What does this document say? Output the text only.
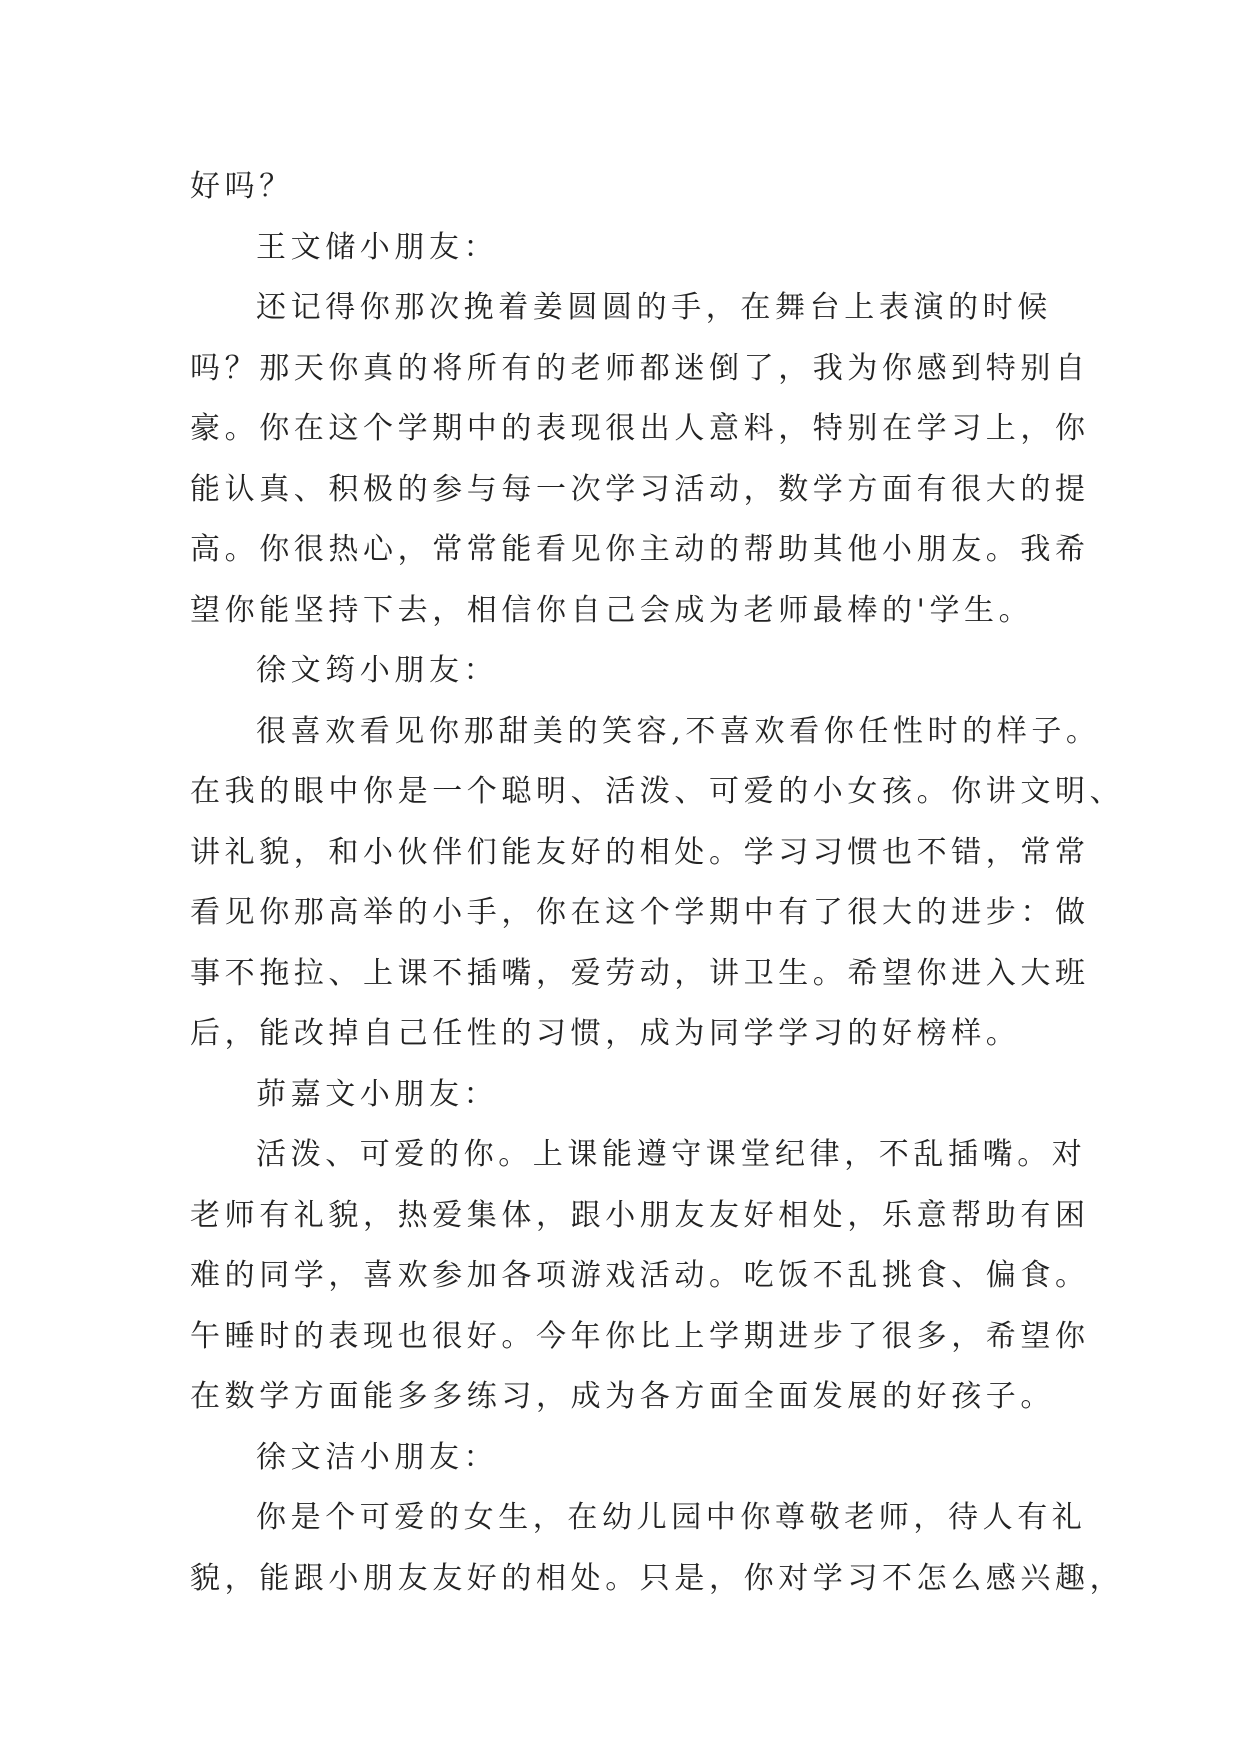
好吗？
王文储小朋友：
还记得你那次挽着姜圆圆的手，在舞台上表演的时候
吗？那天你真的将所有的老师都迷倒了，我为你感到特别自
豪。你在这个学期中的表现很出人意料，特别在学习上，你
能认真、积极的参与每一次学习活动，数学方面有很大的提
高。你很热心，常常能看见你主动的帮助其他小朋友。我希
望你能坚持下去，相信你自己会成为老师最棒的'学生。
徐文筠小朋友：
很喜欢看见你那甜美的笑容,不喜欢看你任性时的样子。
在我的眼中你是一个聪明、活泼、可爱的小女孩。你讲文明、
讲礼貌，和小伙伴们能友好的相处。学习习惯也不错，常常
看见你那高举的小手，你在这个学期中有了很大的进步：做
事不拖拉、上课不插嘴，爱劳动，讲卫生。希望你进入大班
后，能改掉自己任性的习惯，成为同学学习的好榜样。
茆嘉文小朋友：
活泼、可爱的你。上课能遵守课堂纪律，不乱插嘴。对
老师有礼貌，热爱集体，跟小朋友友好相处，乐意帮助有困
难的同学，喜欢参加各项游戏活动。吃饭不乱挑食、偏食。
午睡时的表现也很好。今年你比上学期进步了很多，希望你
在数学方面能多多练习，成为各方面全面发展的好孩子。
徐文洁小朋友：
你是个可爱的女生，在幼儿园中你尊敬老师，待人有礼
貌，能跟小朋友友好的相处。只是，你对学习不怎么感兴趣，
